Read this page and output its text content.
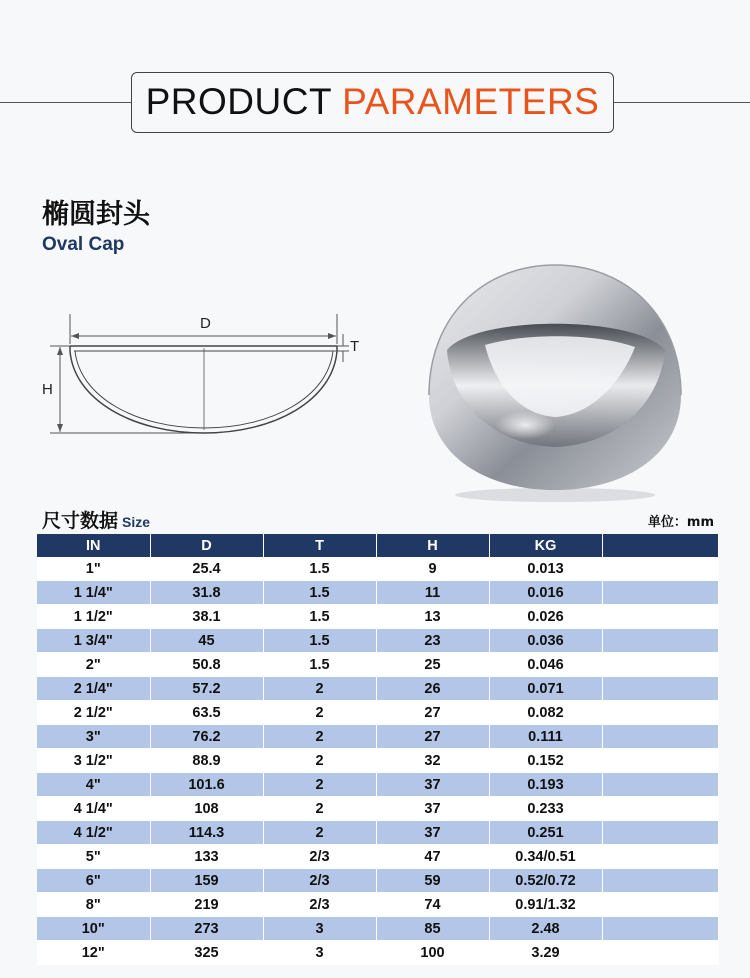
PRODUCT PARAMETERS
椭圆封头
Oval Cap
D
H
T
尺寸数据 Size	单位：mm
IN	D	T	H	KG	
1"	25.4	1.5	9	0.013	
1 1/4"	31.8	1.5	11	0.016	
1 1/2"	38.1	1.5	13	0.026	
1 3/4"	45	1.5	23	0.036	
2"	50.8	1.5	25	0.046	
2 1/4"	57.2	2	26	0.071	
2 1/2"	63.5	2	27	0.082	
3"	76.2	2	27	0.111	
3 1/2"	88.9	2	32	0.152	
4"	101.6	2	37	0.193	
4 1/4"	108	2	37	0.233	
4 1/2"	114.3	2	37	0.251	
5"	133	2/3	47	0.34/0.51	
6"	159	2/3	59	0.52/0.72	
8"	219	2/3	74	0.91/1.32	
10"	273	3	85	2.48	
12"	325	3	100	3.29	
